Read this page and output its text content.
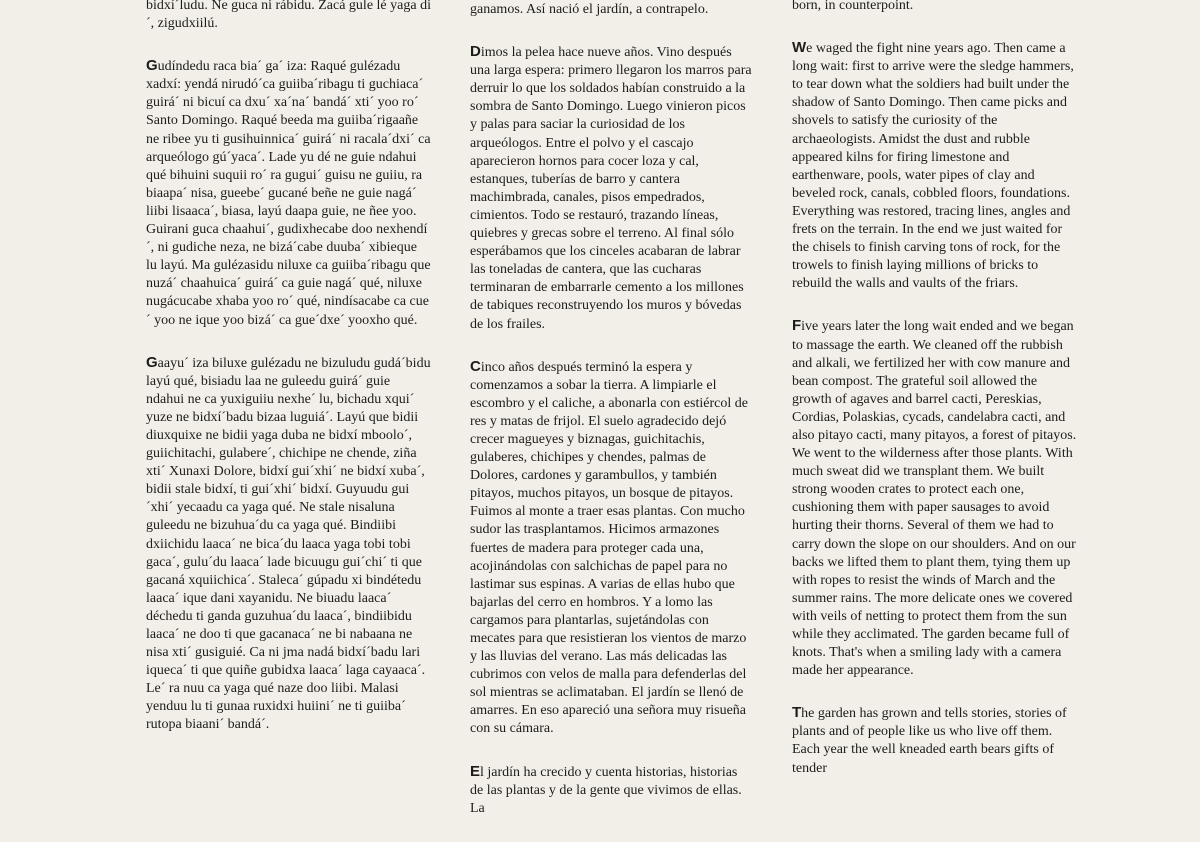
bidxí´ludu. Ne guca ni rábidu. Zacá gule lé yaga di´, zigudxiilú.

Gudíndedu raca bia´ ga´ iza: Raqué gulézadu xadxí: yendá nirudó´ca guiiba´ribagu ti guchiaca´ guirá´ ni bicuí ca dxu´ xa´na´ bandá´ xti´ yoo ro´ Santo Domingo. Raqué beeda ma guiiba´rigaañe ne ribee yu ti gusihuinnica´ guirá´ ni racala´dxi´ ca arqueólogo gú´yaca´. Lade yu dé ne guie ndahui qué bihuini suquii ro´ ra gugui´ guisu ne guiiu, ra biaapa´ nisa, gueebe´ gucané beñe ne guie nagá´ liibi lisaaca´, biasa, layú daapa guie, ne ñee yoo. Guirani guca chaahui´, gudixhecabe doo nexhendí´, ni gudiche neza, ne bizá´cabe duuba´ xibieque lu layú. Ma gulézasidu niluxe ca guiiba´ribagu que nuzá´ chaahuica´ guirá´ ca guie nagá´ qué, niluxe nugácucabe xhaba yoo ro´ qué, nindísacabe ca cue´ yoo ne ique yoo bizá´ ca gue´dxe´ yooxho qué.

Gaayu´ iza biluxe gulézadu ne bizuludu gudá´bidu layú qué, bisiadu laa ne guleedu guirá´ guie ndahui ne ca yuxiguiiu nexhe´ lu, bichadu xqui´ yuze ne bidxí´badu bizaa luguiá´. Layú que bidii diuxquixe ne bidii yaga duba ne bidxí mboolo´, guiichitachi, gulabere´, chichipe ne chende, ziña xti´ Xunaxi Dolore, bidxí gui´xhi´ ne bidxí xuba´, bidii stale bidxí, ti gui´xhi´ bidxí. Guyuudu gui´xhi´ yecaadu ca yaga qué. Ne stale nisaluna guleedu ne bizuhua´du ca yaga qué. Bindiibi dxiichidu laaca´ ne bica´du laaca yaga tobi tobi gaca´, gulu´du laaca´ lade bicuugu gui´chi´ ti que gacaná xquiichica´. Staleca´ gúpadu xi bindétedu laaca´ ique dani xayanidu. Ne biuadu laaca´ déchedu ti ganda guzuhua´du laaca´, bindiibidu laaca´ ne doo ti que gacanaca´ ne bi nabaana ne nisa xti´ gusiguié. Ca ni jma nadá bidxí´badu lari iqueca´ ti que quiñe gubidxa laaca´ laga cayaaca´. Le´ ra nuu ca yaga qué naze doo liibi. Malasi yenduu lu ti gunaa ruxidxi huiini´ ne ti guiiba´ rutopa biaani´ bandá´.

ganamos. Así nació el jardín, a contrapelo.

Dimos la pelea hace nueve años. Vino después una larga espera: primero llegaron los marros para derruir lo que los soldados habían construido a la sombra de Santo Domingo. Luego vinieron picos y palas para saciar la curiosidad de los arqueólogos. Entre el polvo y el cascajo aparecieron hornos para cocer loza y cal, estanques, tuberías de barro y cantera machimbrada, canales, pisos empedrados, cimientos. Todo se restauró, trazando líneas, quiebres y grecas sobre el terreno. Al final sólo esperábamos que los cinceles acabaran de labrar las toneladas de cantera, que las cucharas terminaran de embarrarle cemento a los millones de tabiques reconstruyendo los muros y bóvedas de los frailes.

Cinco años después terminó la espera y comenzamos a sobar la tierra. A limpiarle el escombro y el caliche, a abonarla con estiércol de res y matas de frijol. El suelo agradecido dejó crecer magueyes y biznagas, guichitachis, gulaberes, chichipes y chendes, palmas de Dolores, cardones y garambullos, y también pitayos, muchos pitayos, un bosque de pitayos. Fuimos al monte a traer esas plantas. Con mucho sudor las trasplantamos. Hicimos armazones fuertes de madera para proteger cada una, acojinándolas con salchichas de papel para no lastimar sus espinas. A varias de ellas hubo que bajarlas del cerro en hombros. Y a lomo las cargamos para plantarlas, sujetándolas con mecates para que resistieran los vientos de marzo y las lluvias del verano. Las más delicadas las cubrimos con velos de malla para defenderlas del sol mientras se aclimataban. El jardín se llenó de amarres. En eso apareció una señora muy risueña con su cámara.

El jardín ha crecido y cuenta historias, historias de las plantas y de la gente que vivimos de ellas. La

born, in counterpoint.

We waged the fight nine years ago. Then came a long wait: first to arrive were the sledge hammers, to tear down what the soldiers had built under the shadow of Santo Domingo. Then came picks and shovels to satisfy the curiosity of the archaeologists. Amidst the dust and rubble appeared kilns for firing limestone and earthenware, pools, water pipes of clay and beveled rock, canals, cobbled floors, foundations. Everything was restored, tracing lines, angles and frets on the terrain. In the end we just waited for the chisels to finish carving tons of rock, for the trowels to finish laying millions of bricks to rebuild the walls and vaults of the friars.

Five years later the long wait ended and we began to massage the earth. We cleaned off the rubbish and alkali, we fertilized her with cow manure and bean compost. The grateful soil allowed the growth of agaves and barrel cacti, Pereskias, Cordias, Polaskias, cycads, candelabra cacti, and also pitayo cacti, many pitayos, a forest of pitayos. We went to the wilderness after those plants. With much sweat did we transplant them. We built strong wooden crates to protect each one, cushioning them with paper sausages to avoid hurting their thorns. Several of them we had to carry down the slope on our shoulders. And on our backs we lifted them to plant them, tying them up with ropes to resist the winds of March and the summer rains. The more delicate ones we covered with veils of netting to protect them from the sun while they acclimated. The garden became full of knots. That's when a smiling lady with a camera made her appearance.

The garden has grown and tells stories, stories of plants and of people like us who live off them. Each year the well kneaded earth bears gifts of tender
